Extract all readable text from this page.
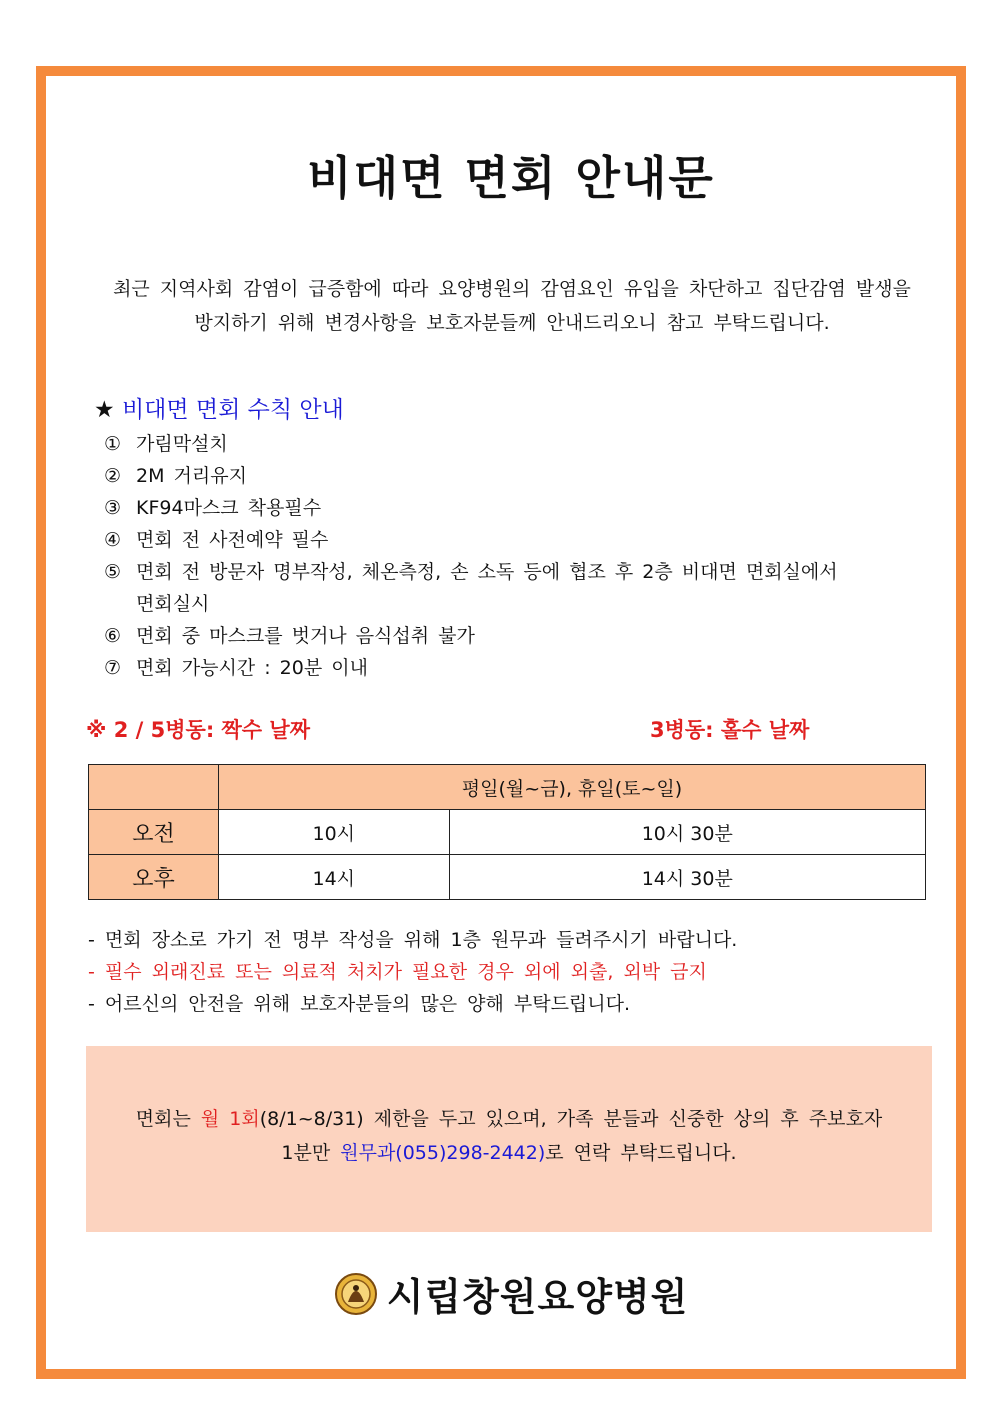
비대면 면회 안내문
최근 지역사회 감염이 급증함에 따라 요양병원의 감염요인 유입을 차단하고 집단감염 발생을
방지하기 위해 변경사항을 보호자분들께 안내드리오니 참고 부탁드립니다.
★ 비대면 면회 수칙 안내
① 가림막설치
② 2M 거리유지
③ KF94마스크 착용필수
④ 면회 전 사전예약 필수
⑤ 면회 전 방문자 명부작성, 체온측정, 손 소독 등에 협조 후 2층 비대면 면회실에서
면회실시
⑥ 면회 중 마스크를 벗거나 음식섭취 불가
⑦ 면회 가능시간 : 20분 이내
※ 2 / 5병동: 짝수 날짜	3병동: 홀수 날짜
	평일(월~금), 휴일(토~일)	
오전	10시	10시 30분
오후	14시	14시 30분
- 면회 장소로 가기 전 명부 작성을 위해 1층 원무과 들려주시기 바랍니다.
- 필수 외래진료 또는 의료적 처치가 필요한 경우 외에 외출, 외박 금지
- 어르신의 안전을 위해 보호자분들의 많은 양해 부탁드립니다.
면회는 월 1회(8/1~8/31) 제한을 두고 있으며, 가족 분들과 신중한 상의 후 주보호자
1분만 원무과(055)298-2442)로 연락 부탁드립니다.
시립창원요양병원
